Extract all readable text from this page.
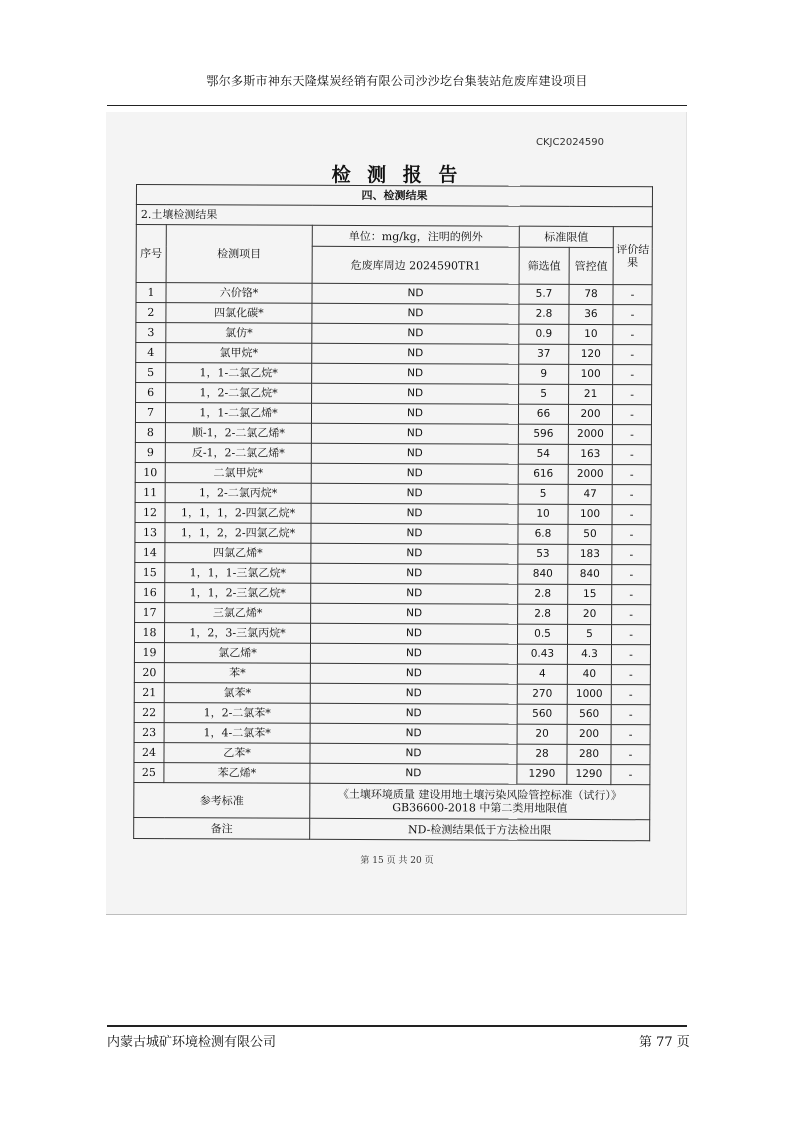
鄂尔多斯市神东天隆煤炭经销有限公司沙沙圪台集装站危废库建设项目
CKJC2024590
检 测 报 告
四、检测结果					
2.土壤检测结果					
序号	检测项目	单位：mg/kg，注明的例外	标准限值		评价结果
		危废库周边 2024590TR1	筛选值	管控值	
1	六价铬*	ND	5.7	78	-
2	四氯化碳*	ND	2.8	36	-
3	氯仿*	ND	0.9	10	-
4	氯甲烷*	ND	37	120	-
5	1，1-二氯乙烷*	ND	9	100	-
6	1，2-二氯乙烷*	ND	5	21	-
7	1，1-二氯乙烯*	ND	66	200	-
8	顺-1，2-二氯乙烯*	ND	596	2000	-
9	反-1，2-二氯乙烯*	ND	54	163	-
10	二氯甲烷*	ND	616	2000	-
11	1，2-二氯丙烷*	ND	5	47	-
12	1，1，1，2-四氯乙烷*	ND	10	100	-
13	1，1，2，2-四氯乙烷*	ND	6.8	50	-
14	四氯乙烯*	ND	53	183	-
15	1，1，1-三氯乙烷*	ND	840	840	-
16	1，1，2-三氯乙烷*	ND	2.8	15	-
17	三氯乙烯*	ND	2.8	20	-
18	1，2，3-三氯丙烷*	ND	0.5	5	-
19	氯乙烯*	ND	0.43	4.3	-
20	苯*	ND	4	40	-
21	氯苯*	ND	270	1000	-
22	1，2-二氯苯*	ND	560	560	-
23	1，4-二氯苯*	ND	20	200	-
24	乙苯*	ND	28	280	-
25	苯乙烯*	ND	1290	1290	-
参考标准		《土壤环境质量 建设用地土壤污染风险管控标准（试行）》GB36600-2018 中第二类用地限值			
备注		ND-检测结果低于方法检出限			
第 15 页 共 20 页
内蒙古城矿环境检测有限公司	第 77 页
